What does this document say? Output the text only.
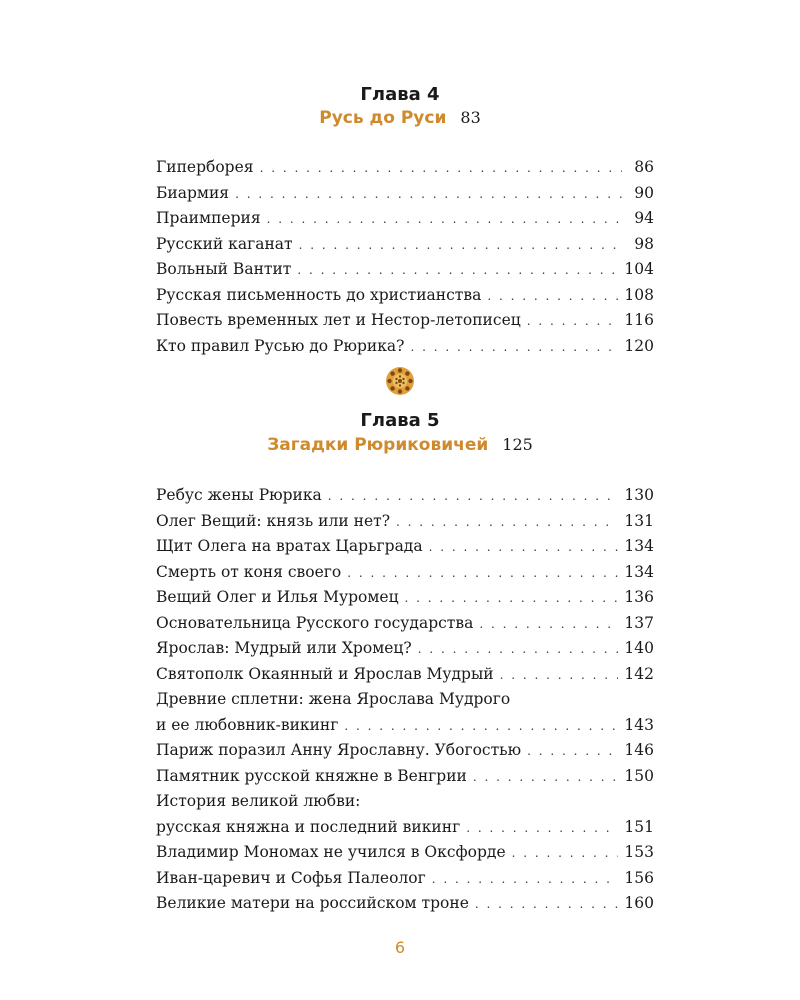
Глава 4
Русь до Руси 83
Гиперборея . . .	86
Биармия . . .	90
Праимперия . . .	94
Русский каганат . . .	98
Вольный Вантит . . .	104
Русская письменность до христианства . . .	108
Повесть временных лет и Нестор-летописец . . .	116
Кто правил Русью до Рюрика? . . .	120
Глава 5
Загадки Рюриковичей 125
Ребус жены Рюрика . . .	130
Олег Вещий: князь или нет? . . .	131
Щит Олега на вратах Царьграда . . .	134
Смерть от коня своего . . .	134
Вещий Олег и Илья Муромец . . .	136
Основательница Русского государства . . .	137
Ярослав: Мудрый или Хромец? . . .	140
Святополк Окаянный и Ярослав Мудрый . . .	142
Древние сплетни: жена Ярослава Мудрого
и ее любовник-викинг . . .	143
Париж поразил Анну Ярославну. Убогостью . . .	146
Памятник русской княжне в Венгрии . . .	150
История великой любви:
русская княжна и последний викинг . . .	151
Владимир Мономах не учился в Оксфорде . . .	153
Иван-царевич и Софья Палеолог . . .	156
Великие матери на российском троне . . .	160
6
